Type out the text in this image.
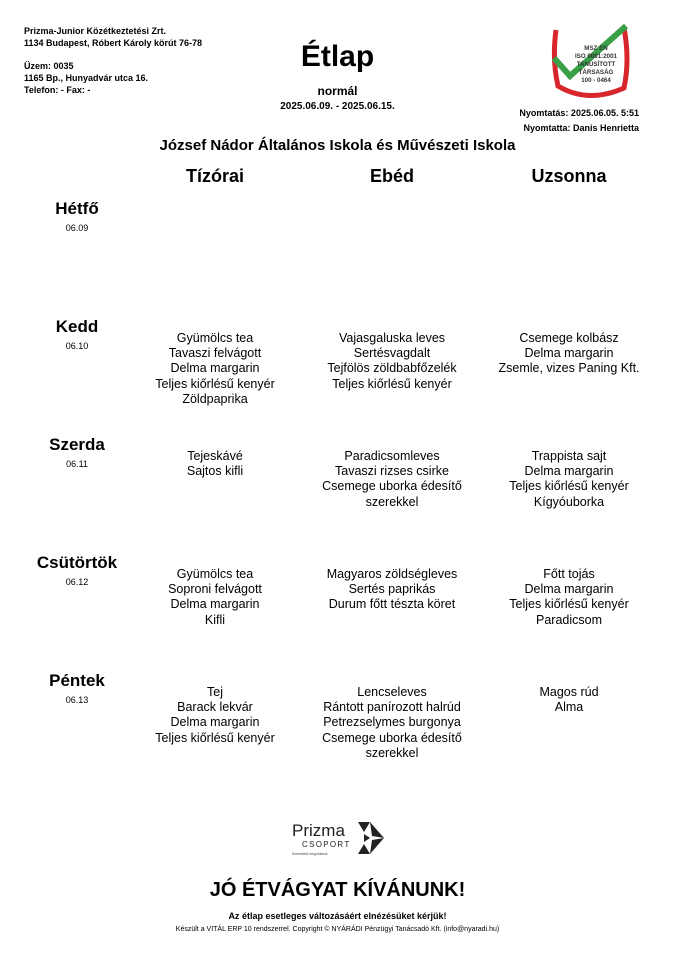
Prizma-Junior Közétkeztetési Zrt.
1134 Budapest, Róbert Károly körút 76-78
Üzem: 0035
1165 Bp., Hunyadvár utca 16.
Telefon: - Fax: -
Étlap
normál
2025.06.09. - 2025.06.15.
MSZ EN
ISO 9001:2001
TANÚSÍTOTT
TÁRSASÁG
100 - 0464
Nyomtatás: 2025.06.05. 5:51
Nyomtatta: Danis Henrietta
József Nádor Általános Iskola és Művészeti Iskola
Tízórai	Ebéd	Uzsonna
Hétfő
06.09
Kedd
06.10
Gyümölcs tea
Tavaszi felvágott
Delma margarin
Teljes kiőrlésű kenyér
Zöldpaprika
Vajasgaluska leves
Sertésvagdalt
Tejfölös zöldbabfőzelék
Teljes kiőrlésű kenyér
Csemege kolbász
Delma margarin
Zsemle, vizes Paning Kft.
Szerda
06.11
Tejeskávé
Sajtos kifli
Paradicsomleves
Tavaszi rizses csirke
Csemege uborka édesítő
szerekkel
Trappista sajt
Delma margarin
Teljes kiőrlésű kenyér
Kígyóuborka
Csütörtök
06.12
Gyümölcs tea
Soproni felvágott
Delma margarin
Kifli
Magyaros zöldségleves
Sertés paprikás
Durum főtt tészta köret
Főtt tojás
Delma margarin
Teljes kiőrlésű kenyér
Paradicsom
Péntek
06.13
Tej
Barack lekvár
Delma margarin
Teljes kiőrlésű kenyér
Lencseleves
Rántott panírozott halrúd
Petrezselymes burgonya
Csemege uborka édesítő
szerekkel
Magos rúd
Alma
Prizma
CSOPORT
Szerethető megoldások
JÓ ÉTVÁGYAT KÍVÁNUNK!
Az étlap esetleges változásáért elnézésüket kérjük!
Készült a VITÁL ERP 10 rendszerrel. Copyright © NYÁRÁDI Pénzügyi Tanácsadó Kft. (info@nyaradi.hu)
